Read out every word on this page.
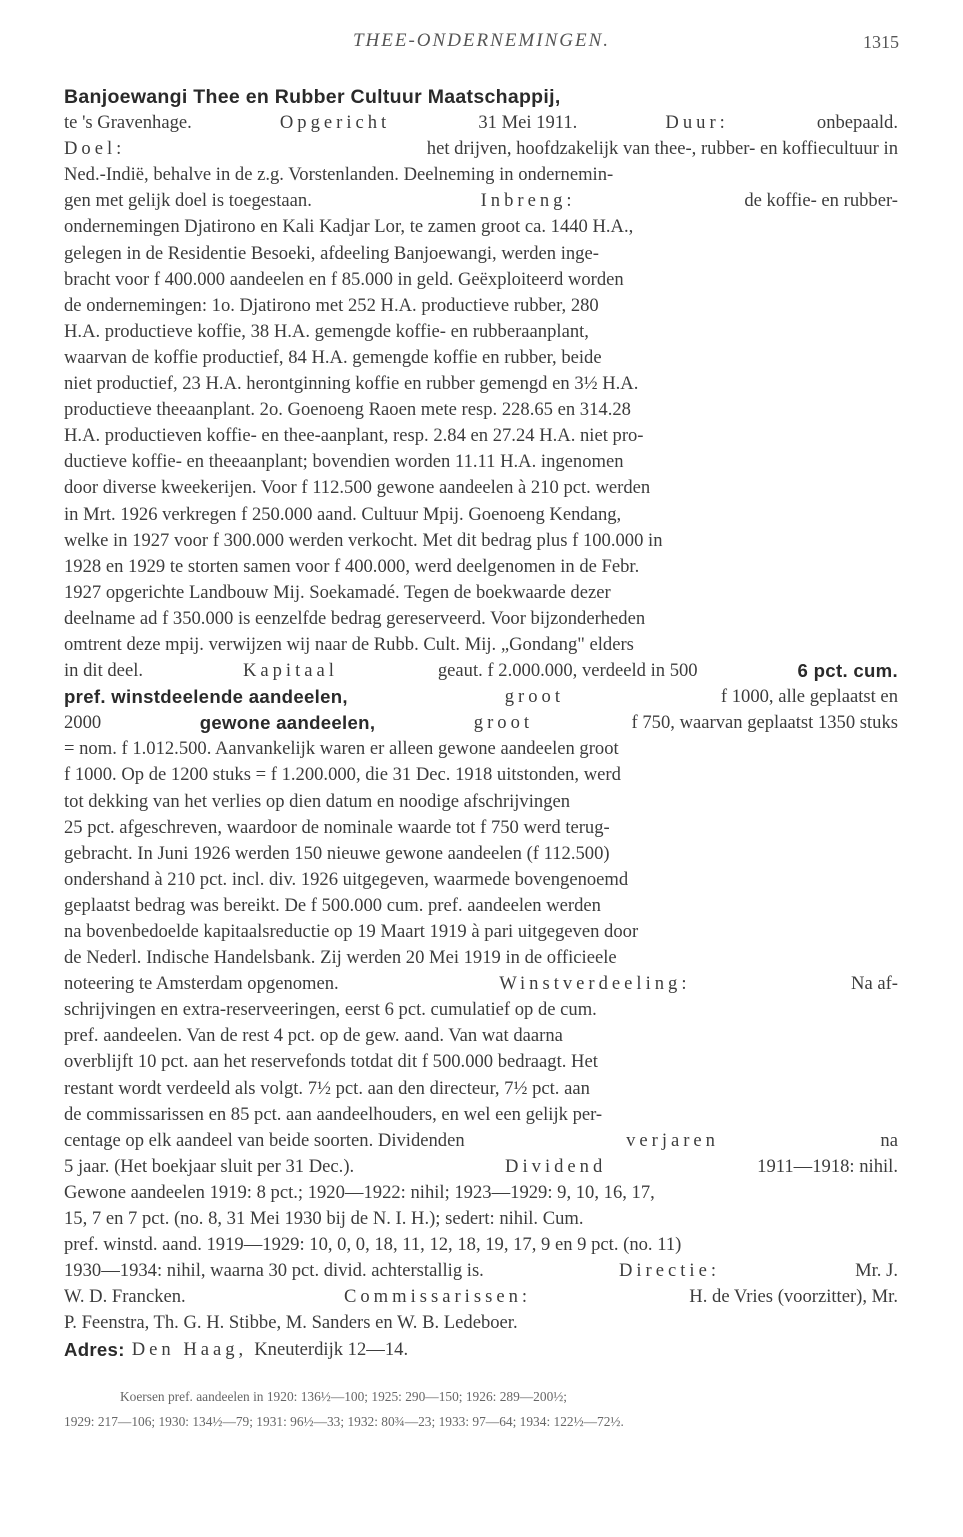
THEE-ONDERNEMINGEN.	1315
Banjoewangi Thee en Rubber Cultuur Maatschappij,
te 's Gravenhage.	Opgericht	31 Mei 1911.	Duur:	onbepaald.
Doel:	het drijven, hoofdzakelijk van thee-, rubber- en koffiecultuur in
Ned.-Indië, behalve in de z.g. Vorstenlanden. Deelneming in ondernemin-
gen met gelijk doel is toegestaan.	Inbreng:	de koffie- en rubber-
ondernemingen Djatirono en Kali Kadjar Lor, te zamen groot ca. 1440 H.A.,
gelegen in de Residentie Besoeki, afdeeling Banjoewangi, werden inge-
bracht voor f 400.000 aandeelen en f 85.000 in geld. Geëxploiteerd worden
de ondernemingen: 1o. Djatirono met 252 H.A. productieve rubber, 280
H.A. productieve koffie, 38 H.A. gemengde koffie- en rubberaanplant,
waarvan de koffie productief, 84 H.A. gemengde koffie en rubber, beide
niet productief, 23 H.A. herontginning koffie en rubber gemengd en 3½ H.A.
productieve theeaanplant. 2o. Goenoeng Raoen mete resp. 228.65 en 314.28
H.A. productieven koffie- en thee-aanplant, resp. 2.84 en 27.24 H.A. niet pro-
ductieve koffie- en theeaanplant; bovendien worden 11.11 H.A. ingenomen
door diverse kweekerijen. Voor f 112.500 gewone aandeelen à 210 pct. werden
in Mrt. 1926 verkregen f 250.000 aand. Cultuur Mpij. Goenoeng Kendang,
welke in 1927 voor f 300.000 werden verkocht. Met dit bedrag plus f 100.000 in
1928 en 1929 te storten samen voor f 400.000, werd deelgenomen in de Febr.
1927 opgerichte Landbouw Mij. Soekamadé. Tegen de boekwaarde dezer
deelname ad f 350.000 is eenzelfde bedrag gereserveerd. Voor bijzonderheden
omtrent deze mpij. verwijzen wij naar de Rubb. Cult. Mij. „Gondang" elders
in dit deel.	Kapitaal	geaut. f 2.000.000, verdeeld in 500	6 pct. cum.
pref. winstdeelende aandeelen,	groot	f 1000, alle geplaatst en
2000	gewone aandeelen,	groot	f 750, waarvan geplaatst 1350 stuks
= nom. f 1.012.500. Aanvankelijk waren er alleen gewone aandeelen groot
f 1000. Op de 1200 stuks = f 1.200.000, die 31 Dec. 1918 uitstonden, werd
tot dekking van het verlies op dien datum en noodige afschrijvingen
25 pct. afgeschreven, waardoor de nominale waarde tot f 750 werd terug-
gebracht. In Juni 1926 werden 150 nieuwe gewone aandeelen (f 112.500)
ondershand à 210 pct. incl. div. 1926 uitgegeven, waarmede bovengenoemd
geplaatst bedrag was bereikt. De f 500.000 cum. pref. aandeelen werden
na bovenbedoelde kapitaalsreductie op 19 Maart 1919 à pari uitgegeven door
de Nederl. Indische Handelsbank. Zij werden 20 Mei 1919 in de officieele
noteering te Amsterdam opgenomen.	Winstverdeeling:	Na af-
schrijvingen en extra-reserveeringen, eerst 6 pct. cumulatief op de cum.
pref. aandeelen. Van de rest 4 pct. op de gew. aand. Van wat daarna
overblijft 10 pct. aan het reservefonds totdat dit f 500.000 bedraagt. Het
restant wordt verdeeld als volgt. 7½ pct. aan den directeur, 7½ pct. aan
de commissarissen en 85 pct. aan aandeelhouders, en wel een gelijk per-
centage op elk aandeel van beide soorten. Dividenden	verjaren	na
5 jaar. (Het boekjaar sluit per 31 Dec.).	Dividend	1911—1918: nihil.
Gewone aandeelen 1919: 8 pct.; 1920—1922: nihil; 1923—1929: 9, 10, 16, 17,
15, 7 en 7 pct. (no. 8, 31 Mei 1930 bij de N. I. H.); sedert: nihil. Cum.
pref. winstd. aand. 1919—1929: 10, 0, 0, 18, 11, 12, 18, 19, 17, 9 en 9 pct. (no. 11)
1930—1934: nihil, waarna 30 pct. divid. achterstallig is.	Directie:	Mr. J.
W. D. Francken.	Commissarissen:	H. de Vries (voorzitter), Mr.
P. Feenstra, Th. G. H. Stibbe, M. Sanders en W. B. Ledeboer.
Adres: Den Haag, Kneuterdijk 12—14.
Koersen pref. aandeelen in 1920: 136½—100; 1925: 290—150; 1926: 289—200½;
1929: 217—106; 1930: 134½—79; 1931: 96½—33; 1932: 80¾—23; 1933: 97—64; 1934: 122½—72½.
